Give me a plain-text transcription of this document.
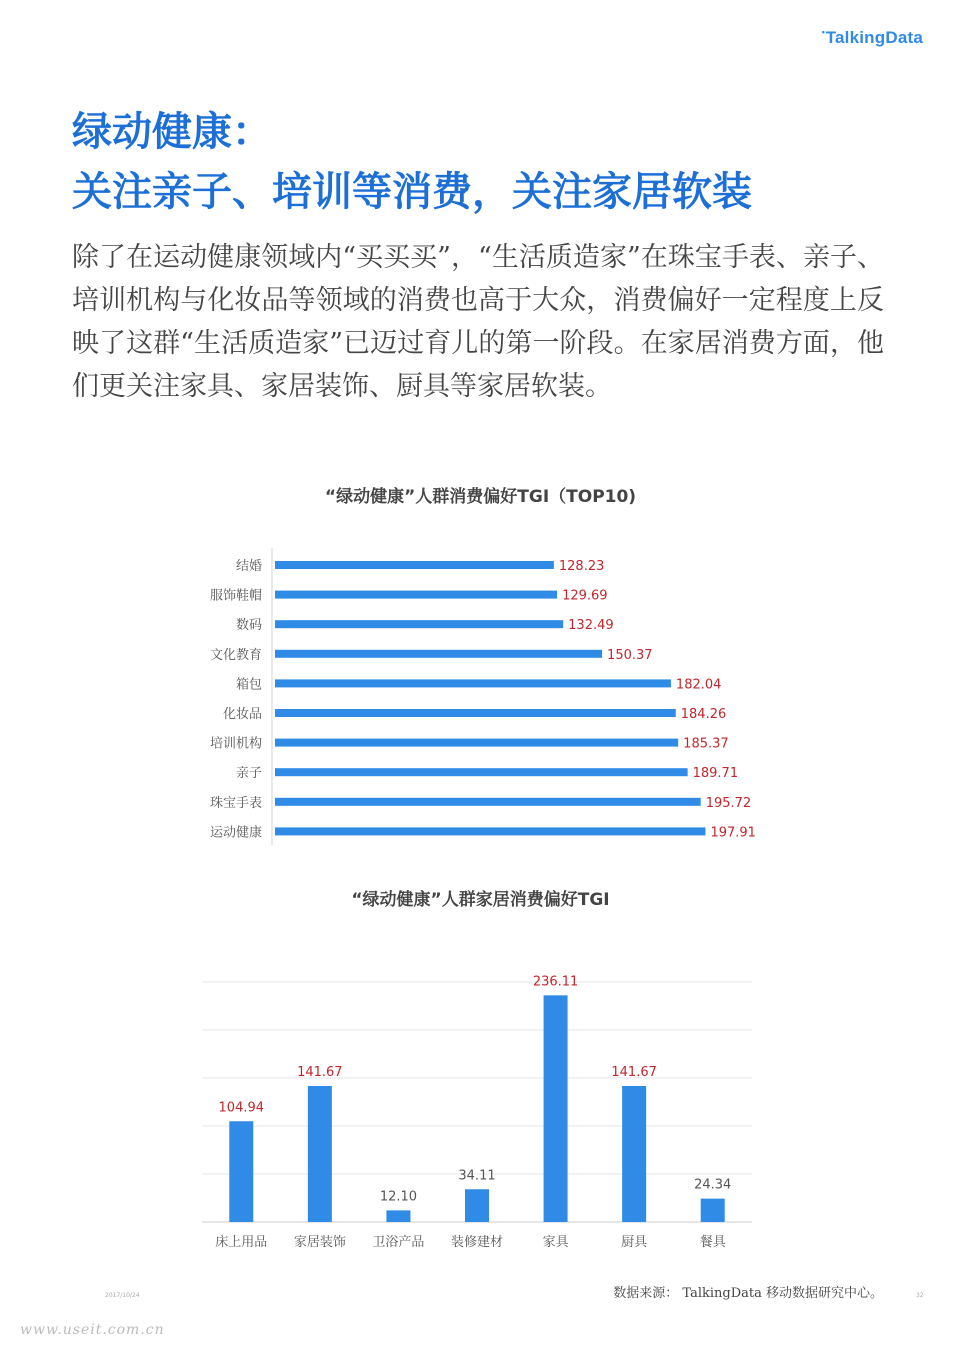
• TalkingData
绿动健康：
关注亲子、培训等消费，关注家居软装
除了在运动健康领域内“买买买”，“生活质造家”在珠宝手表、亲子、培训机构与化妆品等领域的消费也高于大众，消费偏好一定程度上反映了这群“生活质造家”已迈过育儿的第一阶段。在家居消费方面，他们更关注家具、家居装饰、厨具等家居软装。
“绿动健康”人群消费偏好TGI（TOP10)
结婚	128.23
服饰鞋帽	129.69
数码	132.49
文化教育	150.37
箱包	182.04
化妆品	184.26
培训机构	185.37
亲子	189.71
珠宝手表	195.72
运动健康	197.91
“绿动健康”人群家居消费偏好TGI
104.94
床上用品
141.67
家居装饰
12.10
卫浴产品
34.11
装修建材
236.11
家具
141.67
厨具
24.34
餐具
数据来源： TalkingData 移动数据研究中心。
2017/10/24	32
www.useit.com.cn
